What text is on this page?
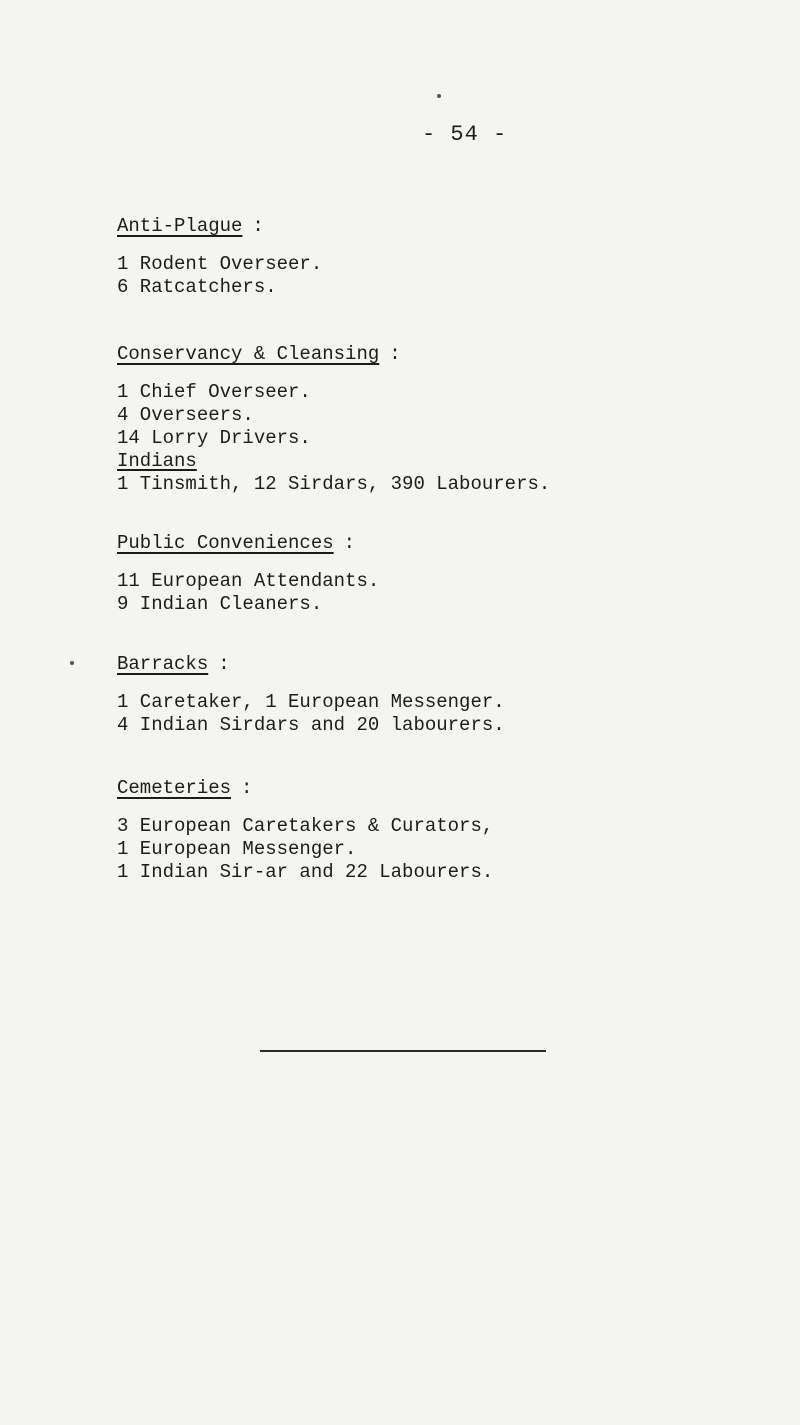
- 54 -
Anti-Plague :
1 Rodent Overseer.
6 Ratcatchers.
Conservancy & Cleansing :
1 Chief Overseer.
4 Overseers.
14 Lorry Drivers.
Indians
1 Tinsmith, 12 Sirdars, 390 Labourers.
Public Conveniences :
11 European Attendants.
9 Indian Cleaners.
Barracks :
1 Caretaker, 1 European Messenger.
4 Indian Sirdars and 20 labourers.
Cemeteries :
3 European Caretakers & Curators,
1 European Messenger.
1 Indian Sir-ar and 22 Labourers.
